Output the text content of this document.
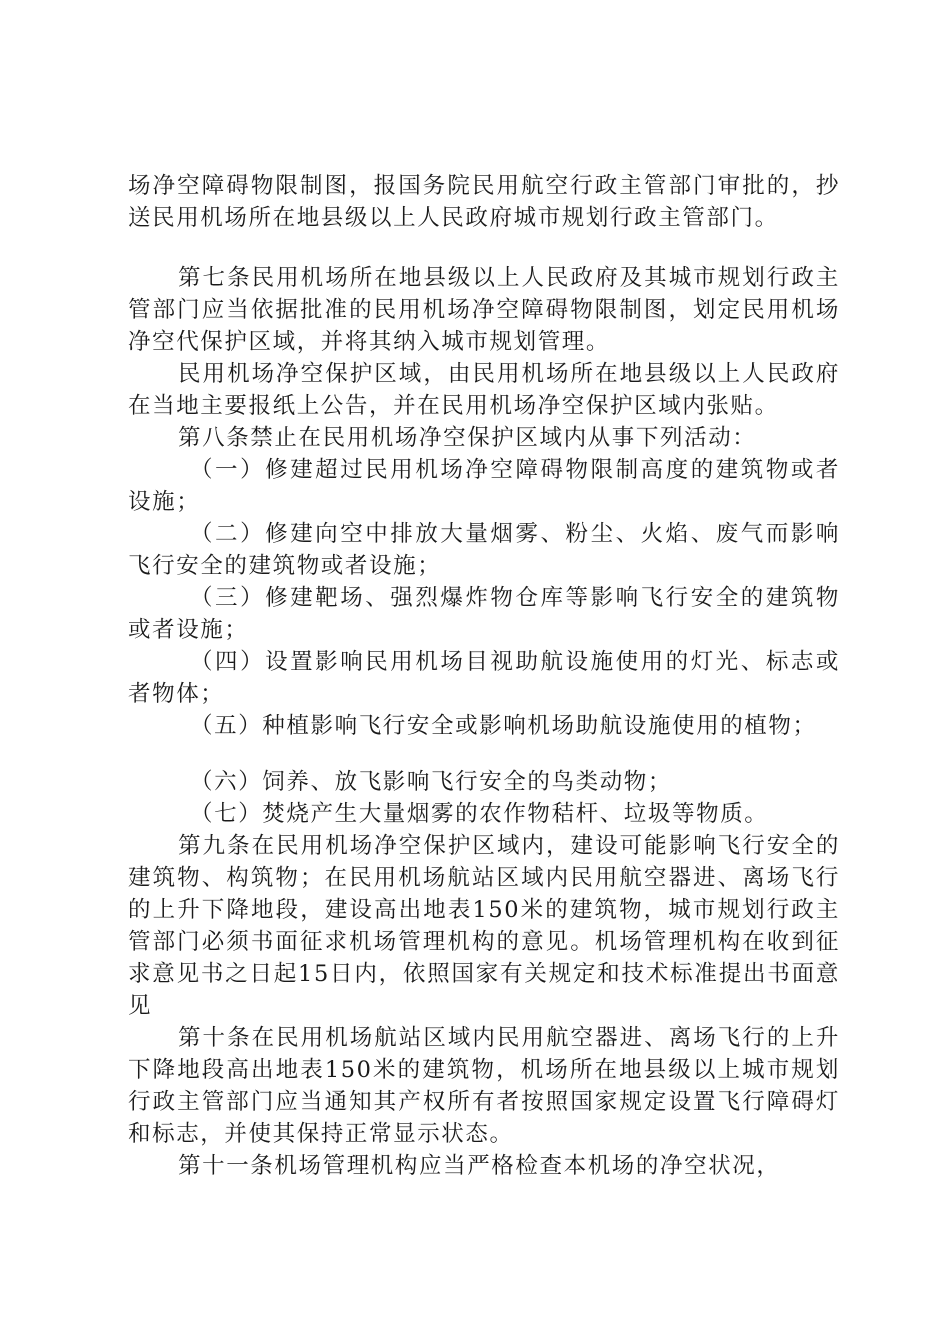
场净空障碍物限制图，报国务院民用航空行政主管部门审批的，抄送民用机场所在地县级以上人民政府城市规划行政主管部门。

第七条民用机场所在地县级以上人民政府及其城市规划行政主管部门应当依据批准的民用机场净空障碍物限制图，划定民用机场净空代保护区域，并将其纳入城市规划管理。

民用机场净空保护区域，由民用机场所在地县级以上人民政府在当地主要报纸上公告，并在民用机场净空保护区域内张贴。

第八条禁止在民用机场净空保护区域内从事下列活动：

（一）修建超过民用机场净空障碍物限制高度的建筑物或者设施；

（二）修建向空中排放大量烟雾、粉尘、火焰、废气而影响飞行安全的建筑物或者设施；

（三）修建靶场、强烈爆炸物仓库等影响飞行安全的建筑物或者设施；

（四）设置影响民用机场目视助航设施使用的灯光、标志或者物体；

（五）种植影响飞行安全或影响机场助航设施使用的植物；

（六）饲养、放飞影响飞行安全的鸟类动物；

（七）焚烧产生大量烟雾的农作物秸杆、垃圾等物质。

第九条在民用机场净空保护区域内，建设可能影响飞行安全的建筑物、构筑物；在民用机场航站区域内民用航空器进、离场飞行的上升下降地段，建设高出地表150米的建筑物，城市规划行政主管部门必须书面征求机场管理机构的意见。机场管理机构在收到征求意见书之日起15日内，依照国家有关规定和技术标准提出书面意见

第十条在民用机场航站区域内民用航空器进、离场飞行的上升下降地段高出地表150米的建筑物，机场所在地县级以上城市规划行政主管部门应当通知其产权所有者按照国家规定设置飞行障碍灯和标志，并使其保持正常显示状态。

第十一条机场管理机构应当严格检查本机场的净空状况，
